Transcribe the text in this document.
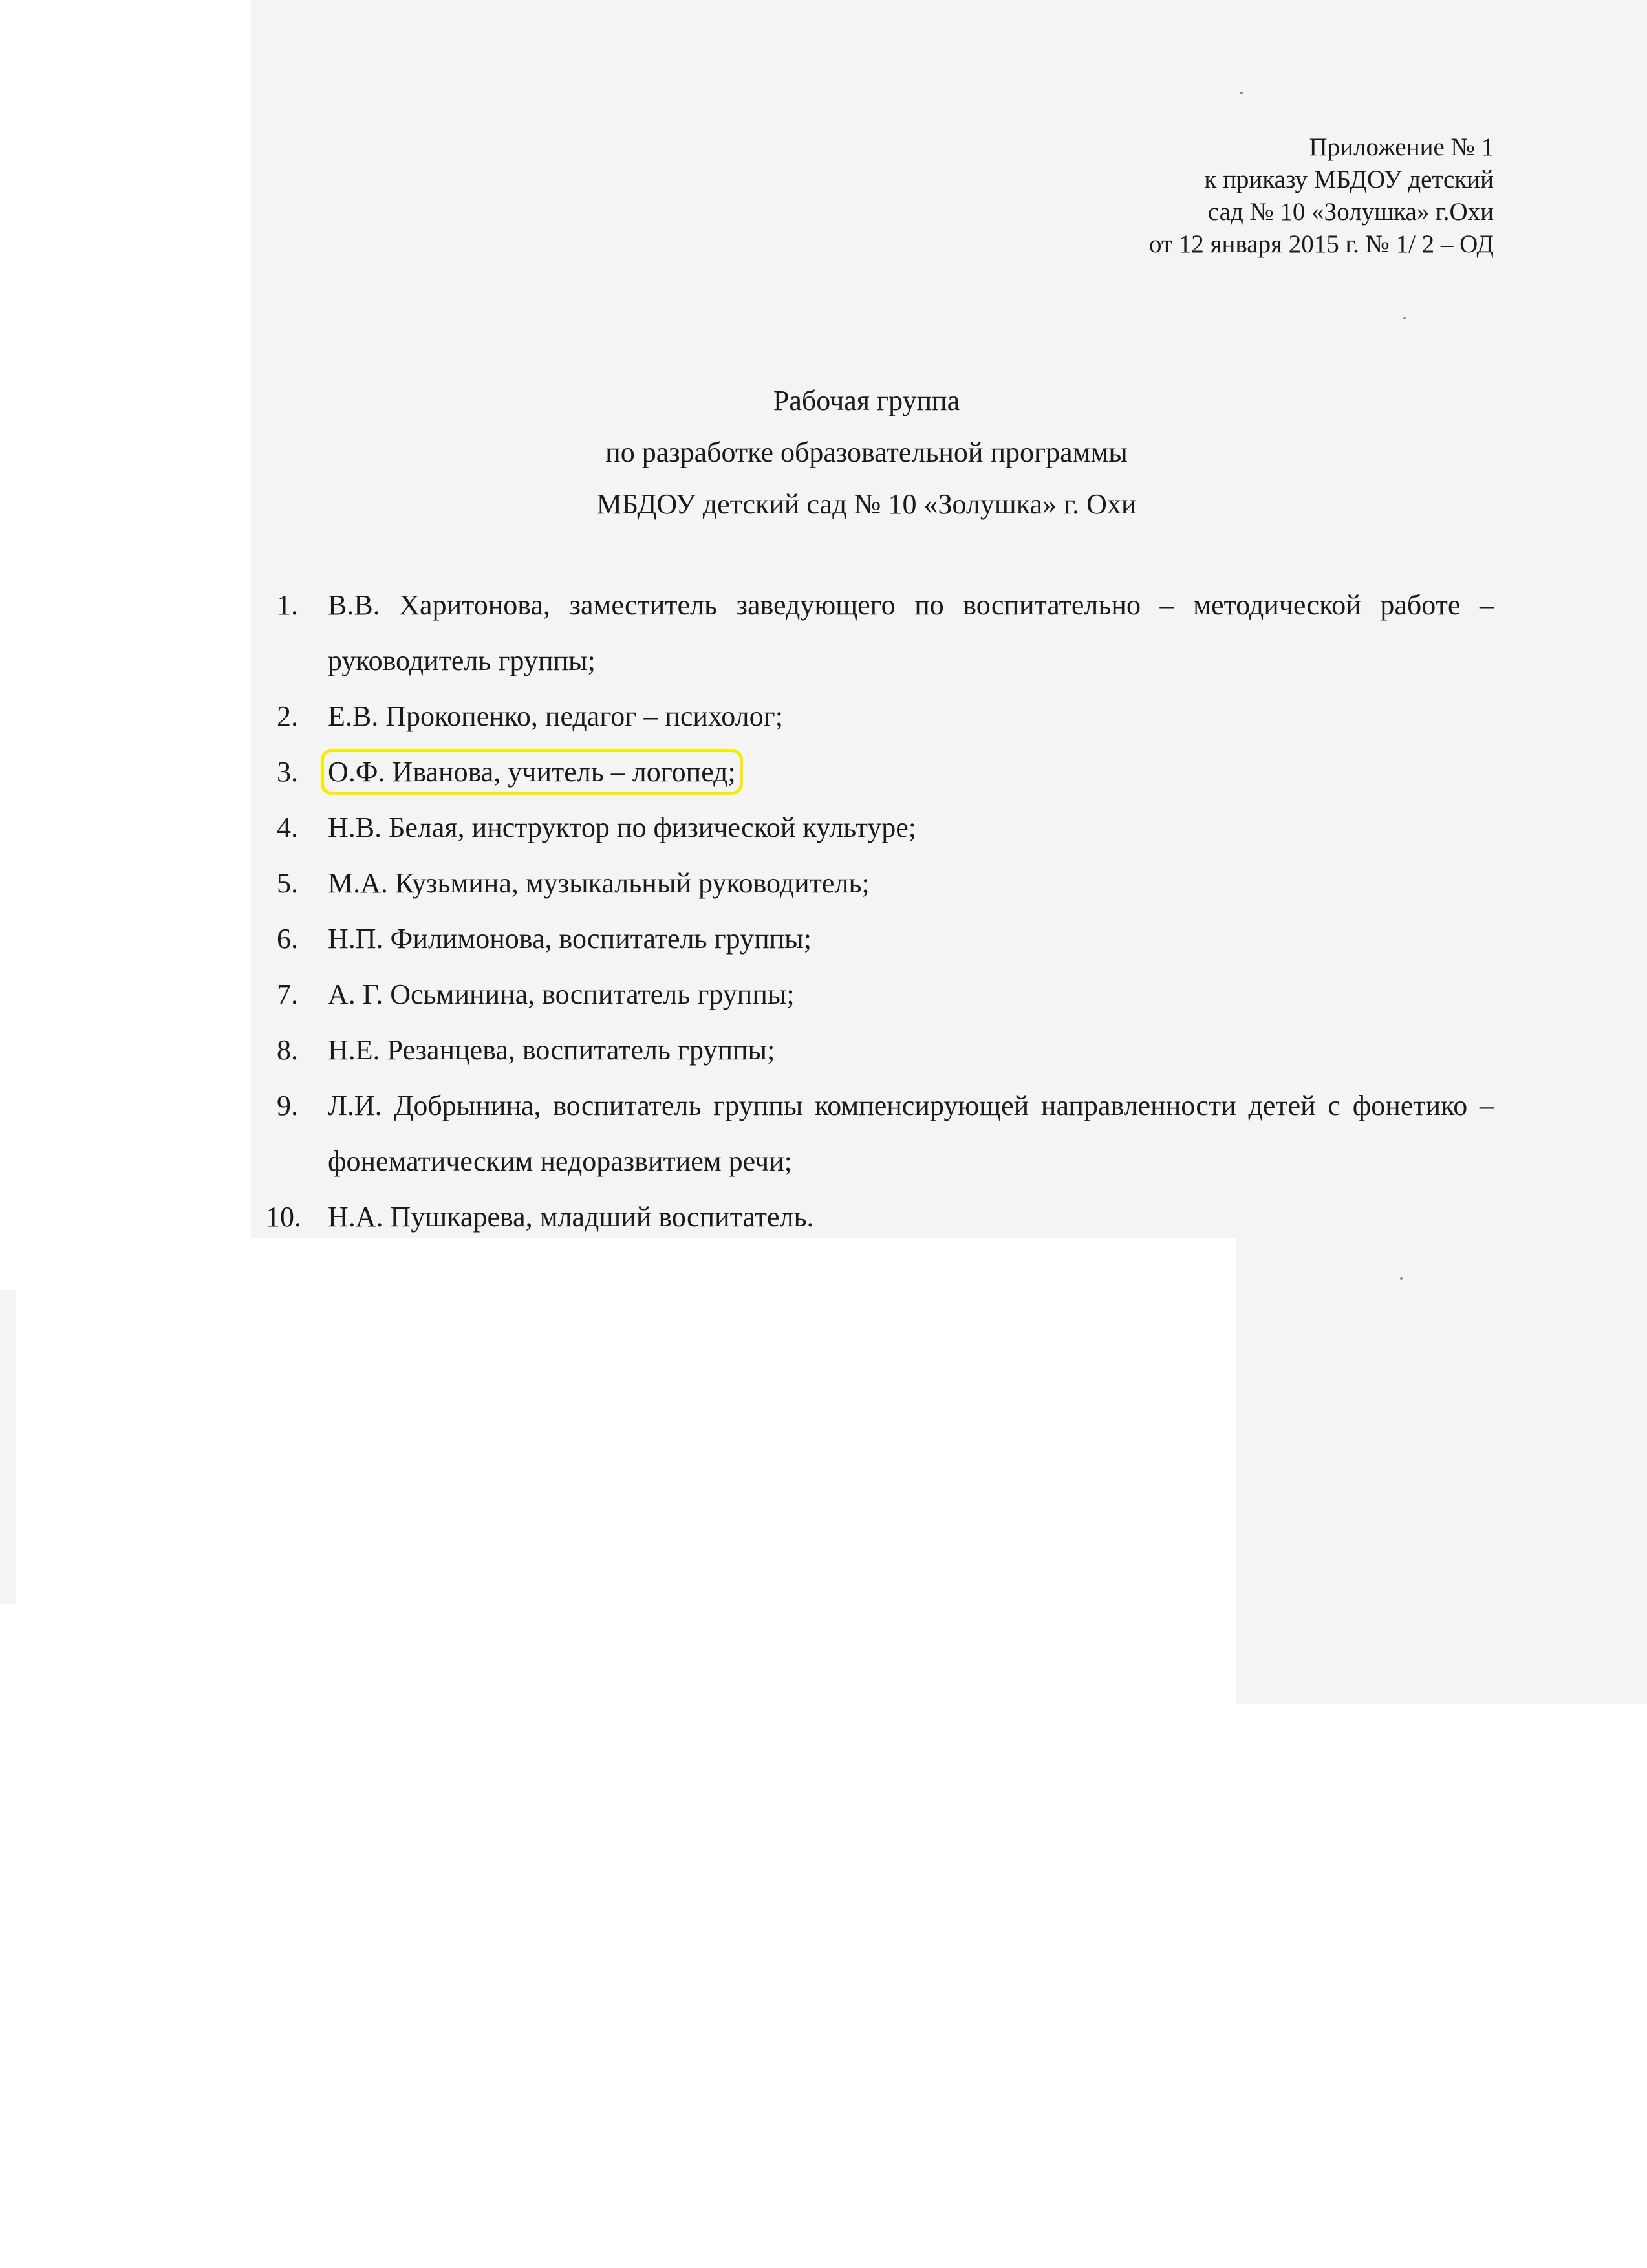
Приложение № 1
к приказу МБДОУ детский
сад № 10 «Золушка» г.Охи
от 12 января 2015 г. № 1/ 2 – ОД
Рабочая группа
по разработке образовательной программы
МБДОУ детский сад № 10 «Золушка» г. Охи
1. В.В. Харитонова, заместитель заведующего по воспитательно – методической работе – руководитель группы;
2. Е.В. Прокопенко, педагог – психолог;
3. О.Ф. Иванова, учитель – логопед;
4. Н.В. Белая, инструктор по физической культуре;
5. М.А. Кузьмина, музыкальный руководитель;
6. Н.П. Филимонова, воспитатель группы;
7. А. Г. Осьминина, воспитатель группы;
8. Н.Е. Резанцева, воспитатель группы;
9. Л.И. Добрынина, воспитатель группы компенсирующей направленности детей с фонетико – фонематическим недоразвитием речи;
10. Н.А. Пушкарева, младший воспитатель.
